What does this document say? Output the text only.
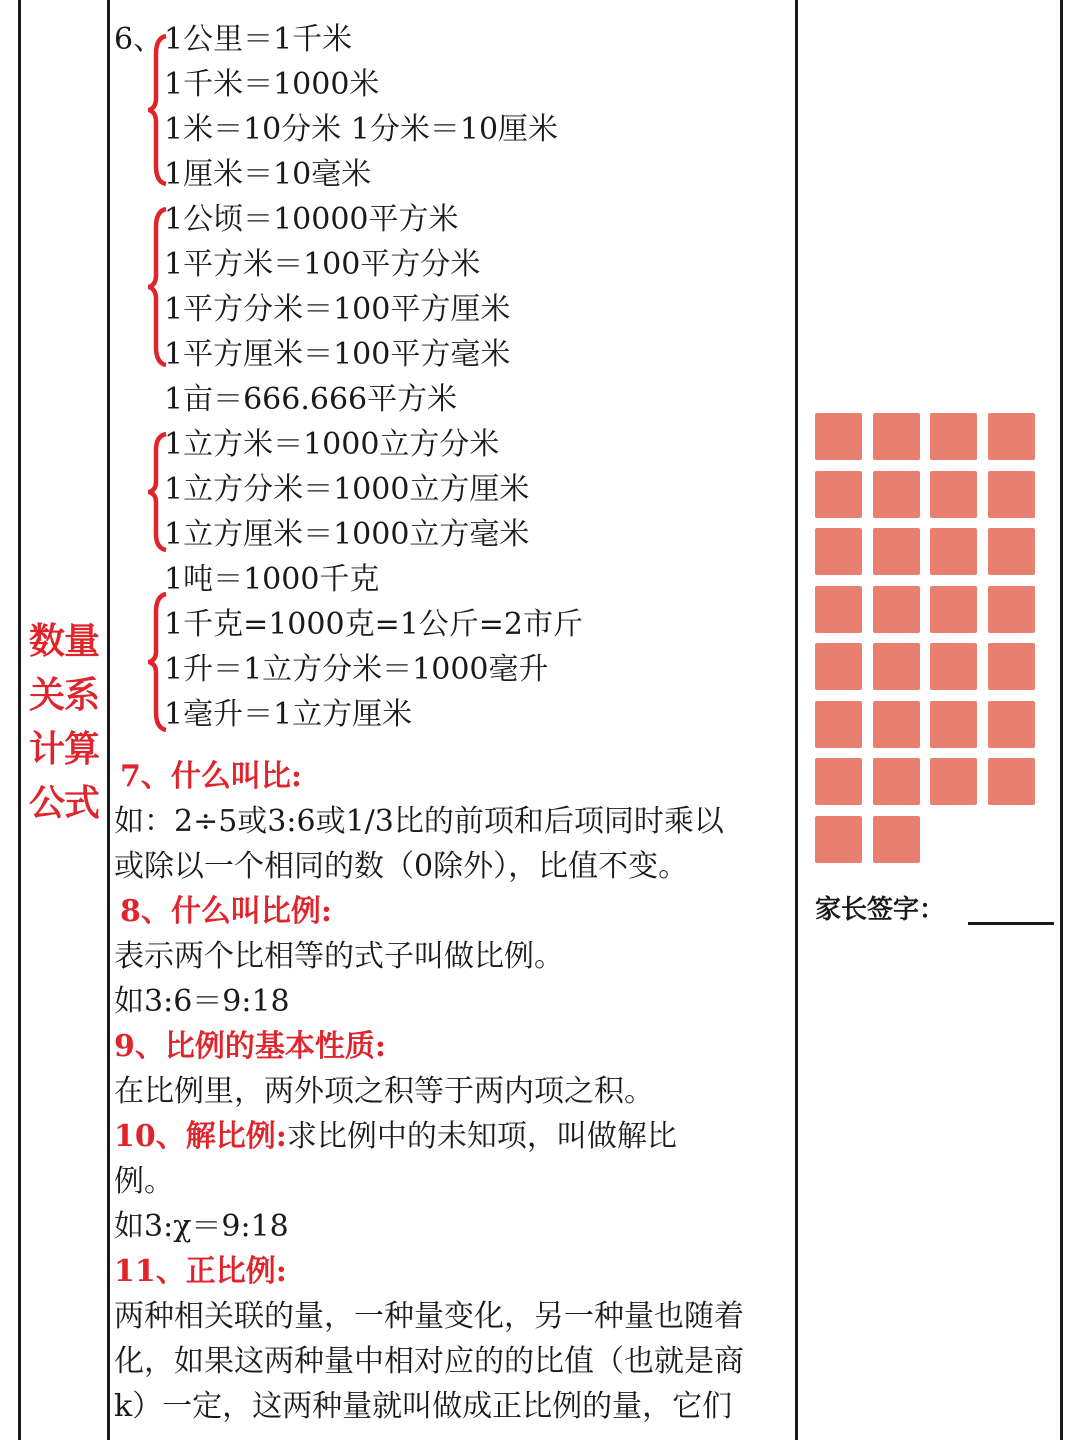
数量
关系
计算
公式
6、 1公里＝1千米
1千米＝1000米
1米＝10分米 1分米＝10厘米
1厘米＝10毫米
1公顷＝10000平方米
1平方米＝100平方分米
1平方分米＝100平方厘米
1平方厘米＝100平方毫米
1亩＝666.666平方米
1立方米＝1000立方分米
1立方分米＝1000立方厘米
1立方厘米＝1000立方毫米
1吨＝1000千克
1千克=1000克=1公斤=2市斤
1升＝1立方分米＝1000毫升
1毫升＝1立方厘米
7、什么叫比:
如：2÷5或3:6或1/3比的前项和后项同时乘以
或除以一个相同的数（0除外），比值不变。
8、什么叫比例:
表示两个比相等的式子叫做比例。
如3:6＝9:18
9、比例的基本性质:
在比例里，两外项之积等于两内项之积。
10、解比例:求比例中的未知项，叫做解比
例。
如3:χ＝9:18
11、正比例:
两种相关联的量，一种量变化，另一种量也随着
化，如果这两种量中相对应的的比值（也就是商
k）一定，这两种量就叫做成正比例的量，它们
家长签字：
